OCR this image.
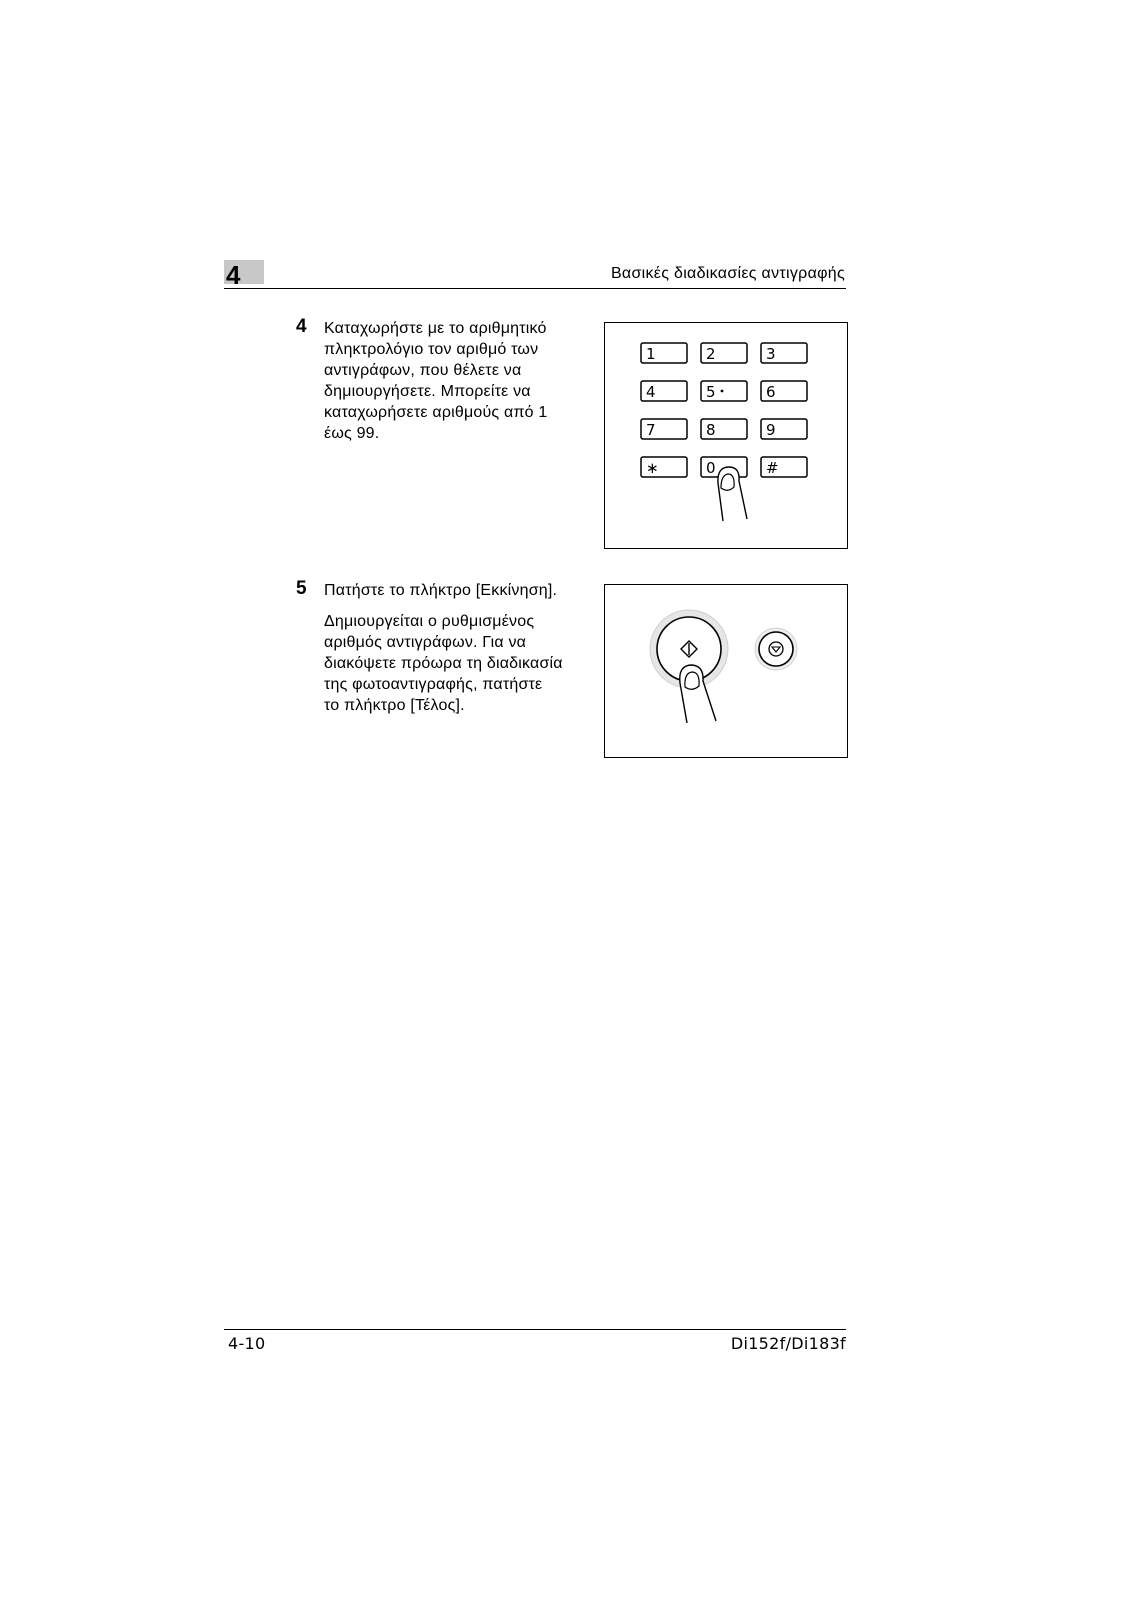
4	Βασικές διαδικασίες αντιγραφής
4 Καταχωρήστε με το αριθμητικό
πληκτρολόγιο τον αριθμό των
αντιγράφων, που θέλετε να
δημιουργήσετε. Μπορείτε να
καταχωρήσετε αριθμούς από 1
έως 99.
1	2	3
4	5	6
7	8	9
∗	0	#
5 Πατήστε το πλήκτρο [Εκκίνηση].
Δημιουργείται ο ρυθμισμένος
αριθμός αντιγράφων. Για να
διακόψετε πρόωρα τη διαδικασία
της φωτοαντιγραφής, πατήστε
το πλήκτρο [Τέλος].
4-10	Di152f/Di183f
